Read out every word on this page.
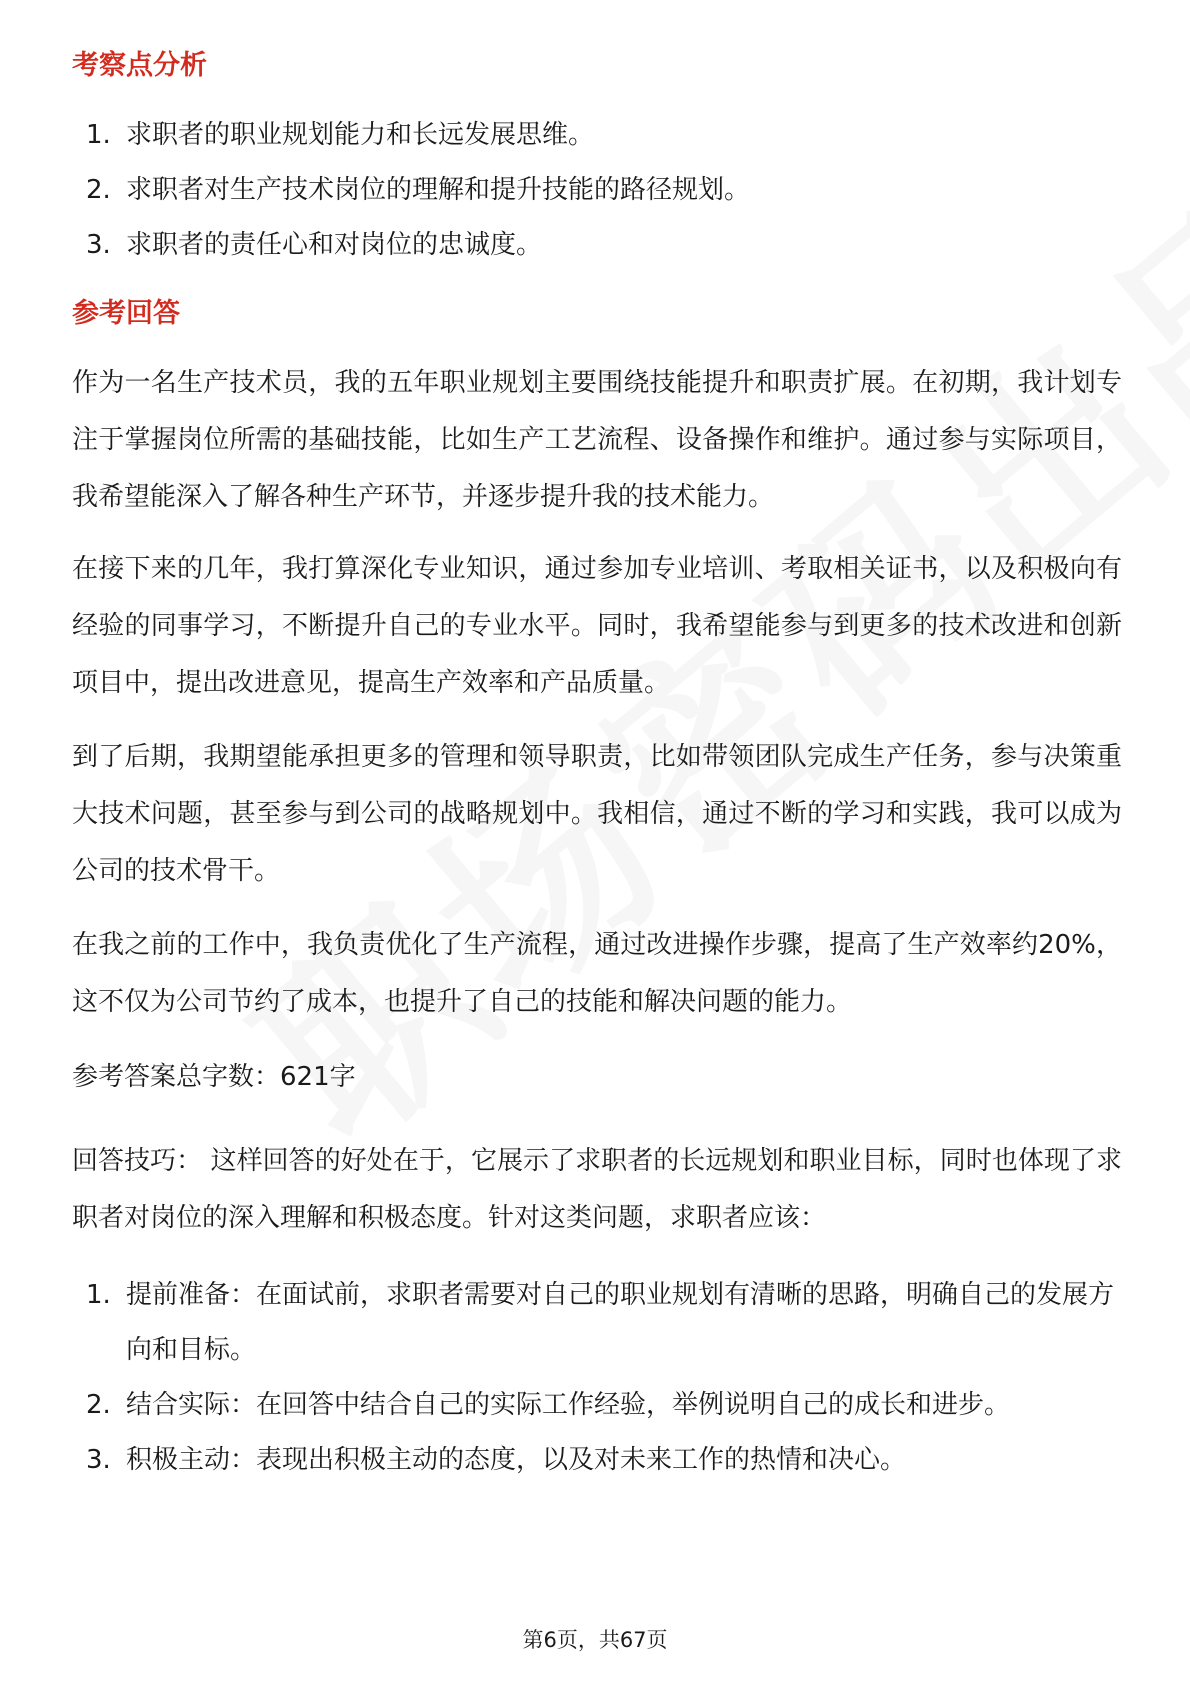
考察点分析
1. 求职者的职业规划能力和长远发展思维。
2. 求职者对生产技术岗位的理解和提升技能的路径规划。
3. 求职者的责任心和对岗位的忠诚度。
参考回答

作为一名生产技术员，我的五年职业规划主要围绕技能提升和职责扩展。在初期，我计划专注于掌握岗位所需的基础技能，比如生产工艺流程、设备操作和维护。通过参与实际项目，我希望能深入了解各种生产环节，并逐步提升我的技术能力。

在接下来的几年，我打算深化专业知识，通过参加专业培训、考取相关证书，以及积极向有经验的同事学习，不断提升自己的专业水平。同时，我希望能参与到更多的技术改进和创新项目中，提出改进意见，提高生产效率和产品质量。

到了后期，我期望能承担更多的管理和领导职责，比如带领团队完成生产任务，参与决策重大技术问题，甚至参与到公司的战略规划中。我相信，通过不断的学习和实践，我可以成为公司的技术骨干。

在我之前的工作中，我负责优化了生产流程，通过改进操作步骤，提高了生产效率约20%，这不仅为公司节约了成本，也提升了自己的技能和解决问题的能力。

参考答案总字数：621字

回答技巧： 这样回答的好处在于，它展示了求职者的长远规划和职业目标，同时也体现了求职者对岗位的深入理解和积极态度。针对这类问题，求职者应该：

1. 提前准备：在面试前，求职者需要对自己的职业规划有清晰的思路，明确自己的发展方向和目标。
2. 结合实际：在回答中结合自己的实际工作经验，举例说明自己的成长和进步。
3. 积极主动：表现出积极主动的态度，以及对未来工作的热情和决心。
第6页，共67页
